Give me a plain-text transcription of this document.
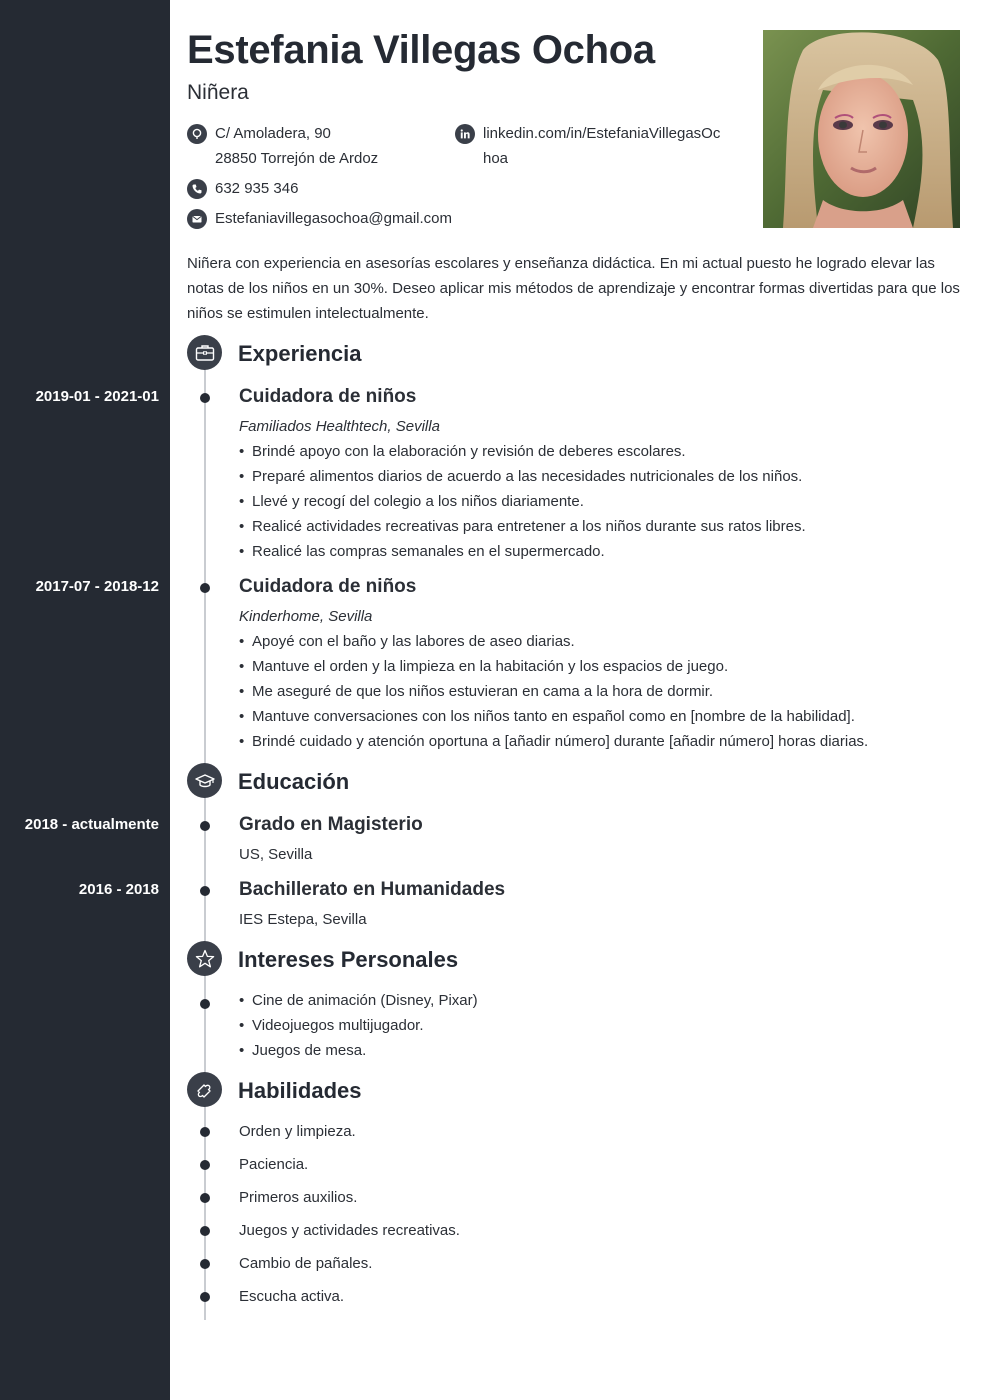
Estefania Villegas Ochoa
Niñera
C/ Amoladera, 90
28850 Torrejón de Ardoz
632 935 346
Estefaniavillegasochoa@gmail.com
linkedin.com/in/EstefaniaVillegasOc
hoa

Niñera con experiencia en asesorías escolares y enseñanza didáctica. En mi actual puesto he logrado elevar las notas de los niños en un 30%. Deseo aplicar mis métodos de aprendizaje y encontrar formas divertidas para que los niños se estimulen intelectualmente.

2019-01 - 2021-01
2017-07 - 2018-12
2018 - actualmente
2016 - 2018
Experiencia
Cuidadora de niños
Familiados Healthtech, Sevilla
• Brindé apoyo con la elaboración y revisión de deberes escolares.
• Preparé alimentos diarios de acuerdo a las necesidades nutricionales de los niños.
• Llevé y recogí del colegio a los niños diariamente.
• Realicé actividades recreativas para entretener a los niños durante sus ratos libres.
• Realicé las compras semanales en el supermercado.
Cuidadora de niños
Kinderhome, Sevilla
• Apoyé con el baño y las labores de aseo diarias.
• Mantuve el orden y la limpieza en la habitación y los espacios de juego.
• Me aseguré de que los niños estuvieran en cama a la hora de dormir.
• Mantuve conversaciones con los niños tanto en español como en [nombre de la habilidad].
• Brindé cuidado y atención oportuna a [añadir número] durante [añadir número] horas diarias.
Educación
Grado en Magisterio
US, Sevilla
Bachillerato en Humanidades
IES Estepa, Sevilla
Intereses Personales
• Cine de animación (Disney, Pixar)
• Videojuegos multijugador.
• Juegos de mesa.
Habilidades
Orden y limpieza.
Paciencia.
Primeros auxilios.
Juegos y actividades recreativas.
Cambio de pañales.
Escucha activa.
